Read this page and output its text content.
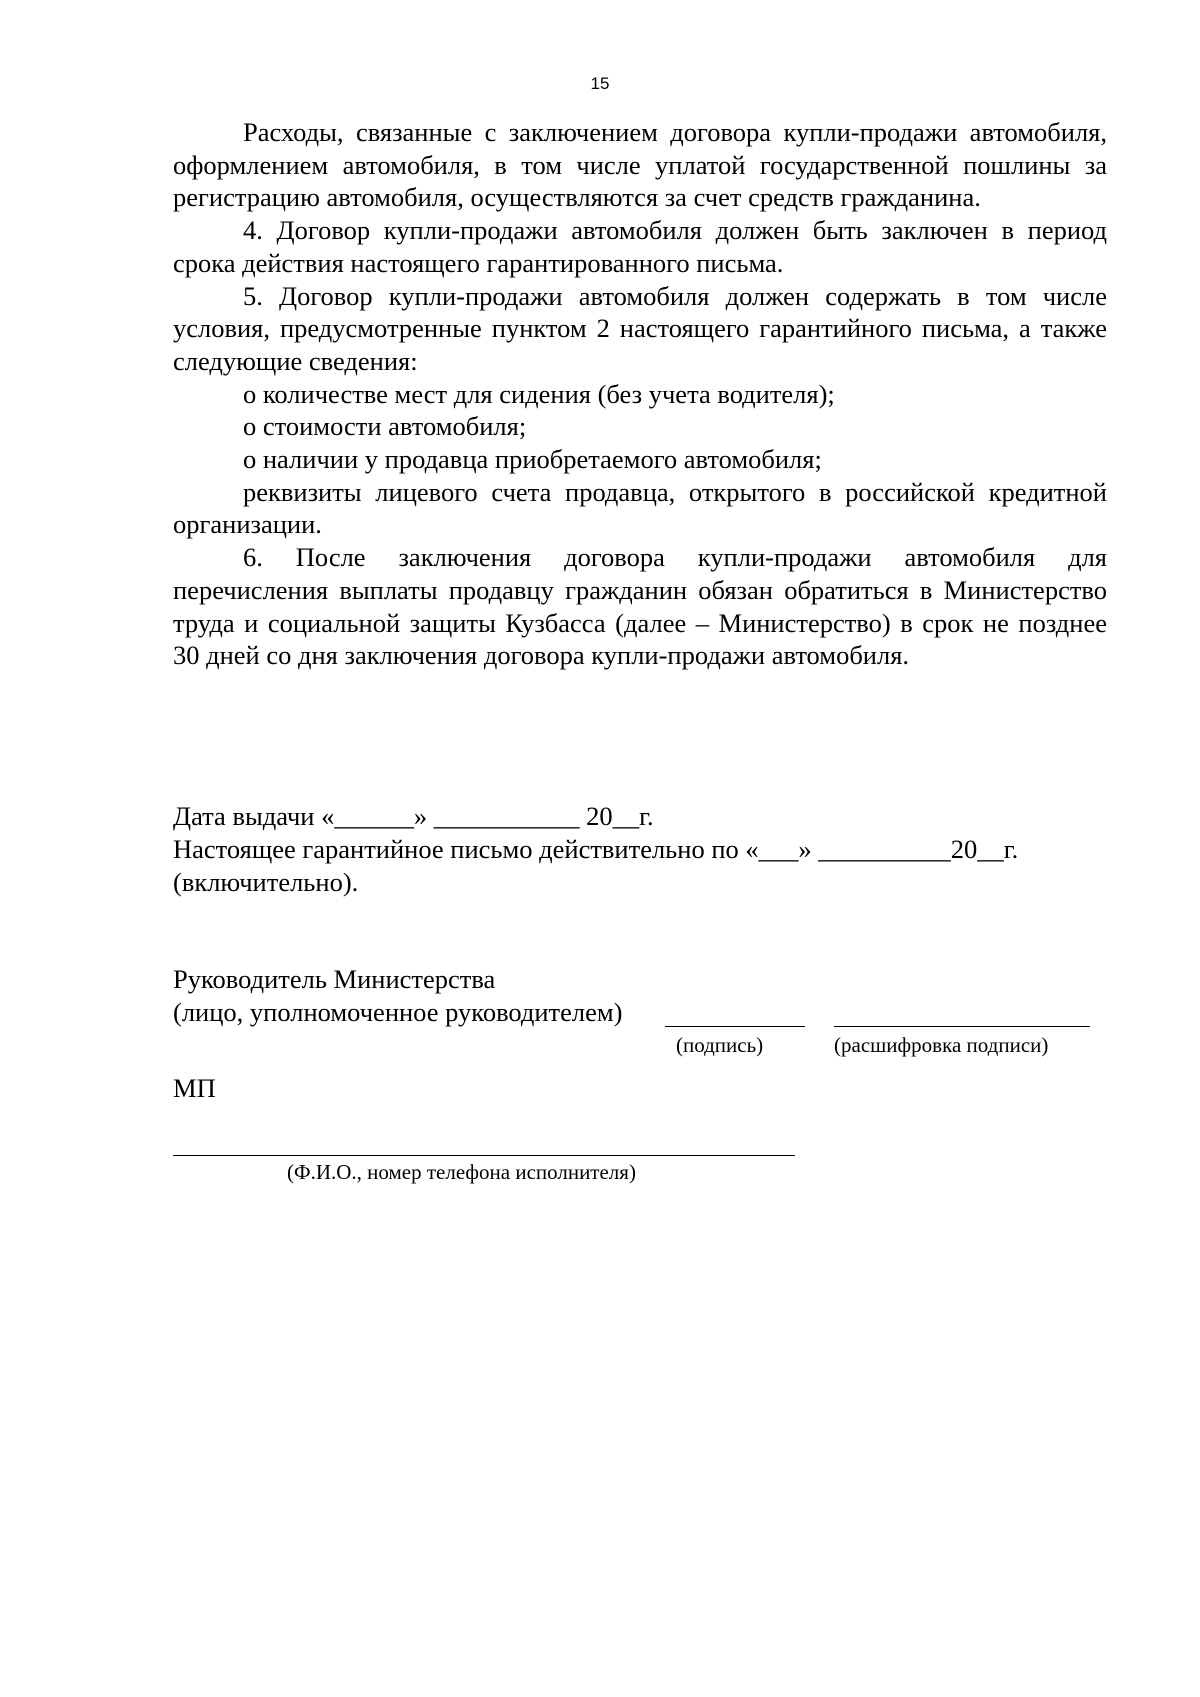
15

Расходы, связанные с заключением договора купли-продажи автомобиля, оформлением автомобиля, в том числе уплатой государственной пошлины за регистрацию автомобиля, осуществляются за счет средств гражданина.

4. Договор купли-продажи автомобиля должен быть заключен в период срока действия настоящего гарантированного письма.

5. Договор купли-продажи автомобиля должен содержать в том числе условия, предусмотренные пунктом 2 настоящего гарантийного письма, а также следующие сведения:

о количестве мест для сидения (без учета водителя);

о стоимости автомобиля;

о наличии у продавца приобретаемого автомобиля;

реквизиты лицевого счета продавца, открытого в российской кредитной организации.

6. После заключения договора купли-продажи автомобиля для перечисления выплаты продавцу гражданин обязан обратиться в Министерство труда и социальной защиты Кузбасса (далее – Министерство) в срок не позднее 30 дней со дня заключения договора купли-продажи автомобиля.

Дата выдачи «______» ___________ 20__г.
Настоящее гарантийное письмо действительно по «___» __________20__г.
(включительно).
Руководитель Министерства
(лицо, уполномоченное руководителем)
(подпись)	(расшифровка подписи)
МП
(Ф.И.О., номер телефона исполнителя)
